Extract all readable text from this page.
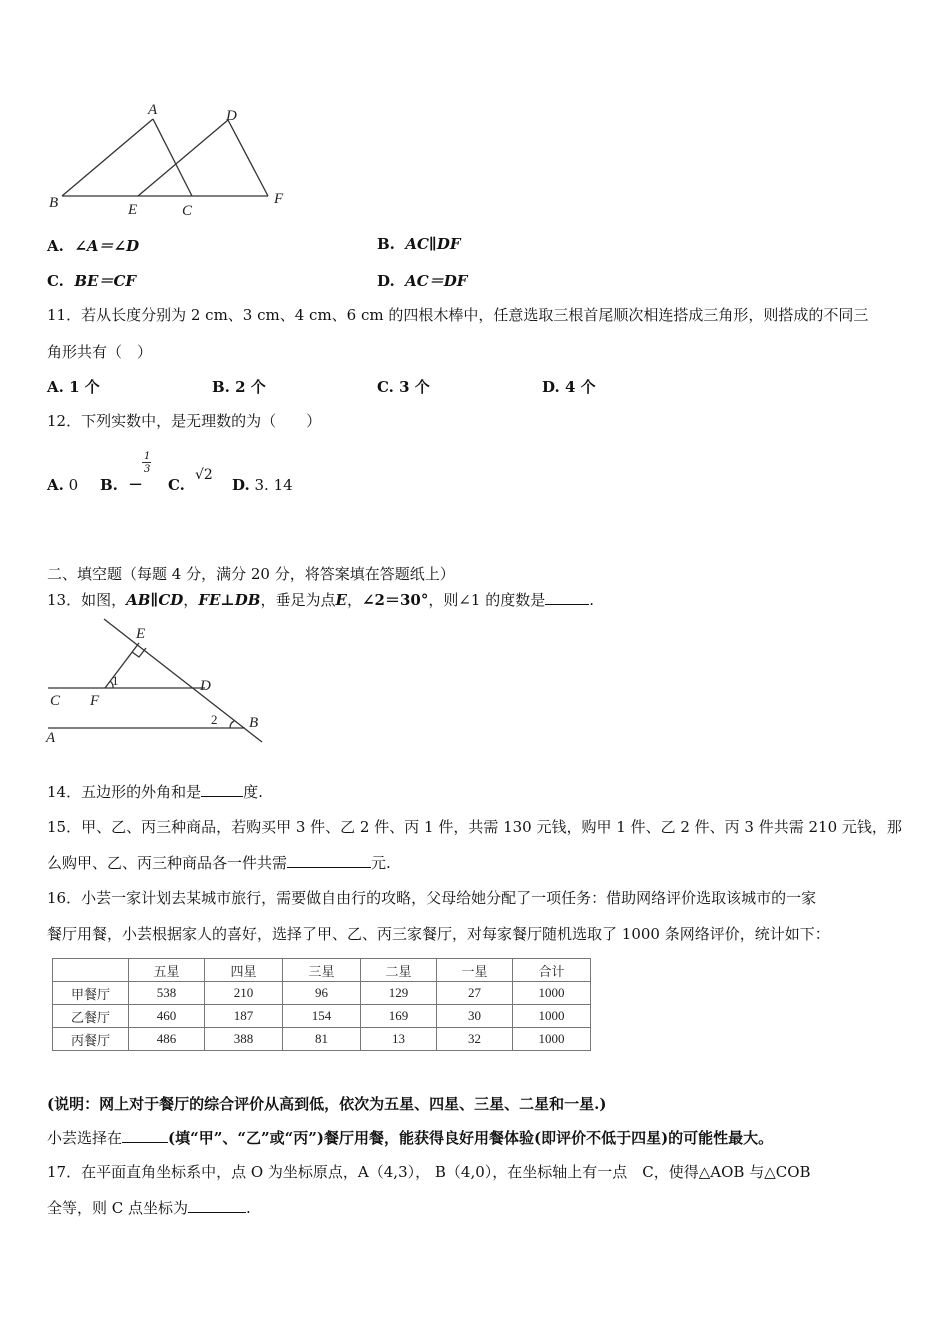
A
B	C
D
E
F
A. ∠A＝∠D	B. AC∥DF
C. BE＝CF	D. AC＝DF
11．若从长度分别为 2 cm、3 cm、4 cm、6 cm 的四根木棒中，任意选取三根首尾顺次相连搭成三角形，则搭成的不同三
角形共有（　）
A. 1 个	B. 2 个	C. 3 个	D. 4 个
12．下列实数中，是无理数的为（　　）
A. 0 B. −
1
3
C.
√2
D. 3. 14
二、填空题（每题 4 分，满分 20 分，将答案填在答题纸上）
13．如图，AB∥CD，FE⊥DB，垂足为点E，∠2＝30°，则∠1 的度数是	.
E
C F
1	D
2 B
A
14．五边形的外角和是	度.
15．甲、乙、丙三种商品，若购买甲 3 件、乙 2 件、丙 1 件，共需 130 元钱，购甲 1 件、乙 2 件、丙 3 件共需 210 元钱，那
么购甲、乙、丙三种商品各一件共需	元.
16．小芸一家计划去某城市旅行，需要做自由行的攻略，父母给她分配了一项任务：借助网络评价选取该城市的一家
餐厅用餐，小芸根据家人的喜好，选择了甲、乙、丙三家餐厅，对每家餐厅随机选取了 1000 条网络评价，统计如下：
	五星	四星	三星	二星	一星	合计
甲餐厅	538	210	96	129	27	1000
乙餐厅	460	187	154	169	30	1000
丙餐厅	486	388	81	13	32	1000
(说明：网上对于餐厅的综合评价从高到低，依次为五星、四星、三星、二星和一星.)
小芸选择在	(填“甲”、“乙”或“丙”)餐厅用餐，能获得良好用餐体验(即评价不低于四星)的可能性最大。
17．在平面直角坐标系中，点 O 为坐标原点，A（4,3）， B（4,0），在坐标轴上有一点　C，使得△AOB 与△COB
全等，则 C 点坐标为	.
